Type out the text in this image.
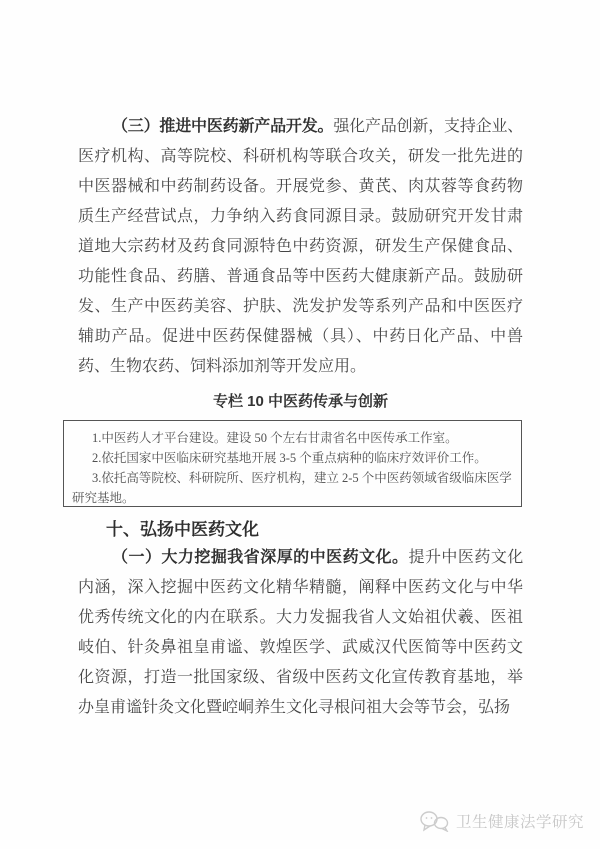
（三）推进中医药新产品开发。强化产品创新，支持企业、
医疗机构、高等院校、科研机构等联合攻关，研发一批先进的
中医器械和中药制药设备。开展党参、黄芪、肉苁蓉等食药物
质生产经营试点，力争纳入药食同源目录。鼓励研究开发甘肃
道地大宗药材及药食同源特色中药资源，研发生产保健食品、
功能性食品、药膳、普通食品等中医药大健康新产品。鼓励研
发、生产中医药美容、护肤、洗发护发等系列产品和中医医疗
辅助产品。促进中医药保健器械（具）、中药日化产品、中兽
药、生物农药、饲料添加剂等开发应用。
专栏 10 中医药传承与创新
1.中医药人才平台建设。建设 50 个左右甘肃省名中医传承工作室。
2.依托国家中医临床研究基地开展 3-5 个重点病种的临床疗效评价工作。
3.依托高等院校、科研院所、医疗机构，建立 2-5 个中医药领域省级临床医学
研究基地。
十、弘扬中医药文化
（一）大力挖掘我省深厚的中医药文化。提升中医药文化
内涵，深入挖掘中医药文化精华精髓，阐释中医药文化与中华
优秀传统文化的内在联系。大力发掘我省人文始祖伏羲、医祖
岐伯、针灸鼻祖皇甫谧、敦煌医学、武威汉代医简等中医药文
化资源，打造一批国家级、省级中医药文化宣传教育基地，举
办皇甫谧针灸文化暨崆峒养生文化寻根问祖大会等节会，弘扬
卫生健康法学研究
